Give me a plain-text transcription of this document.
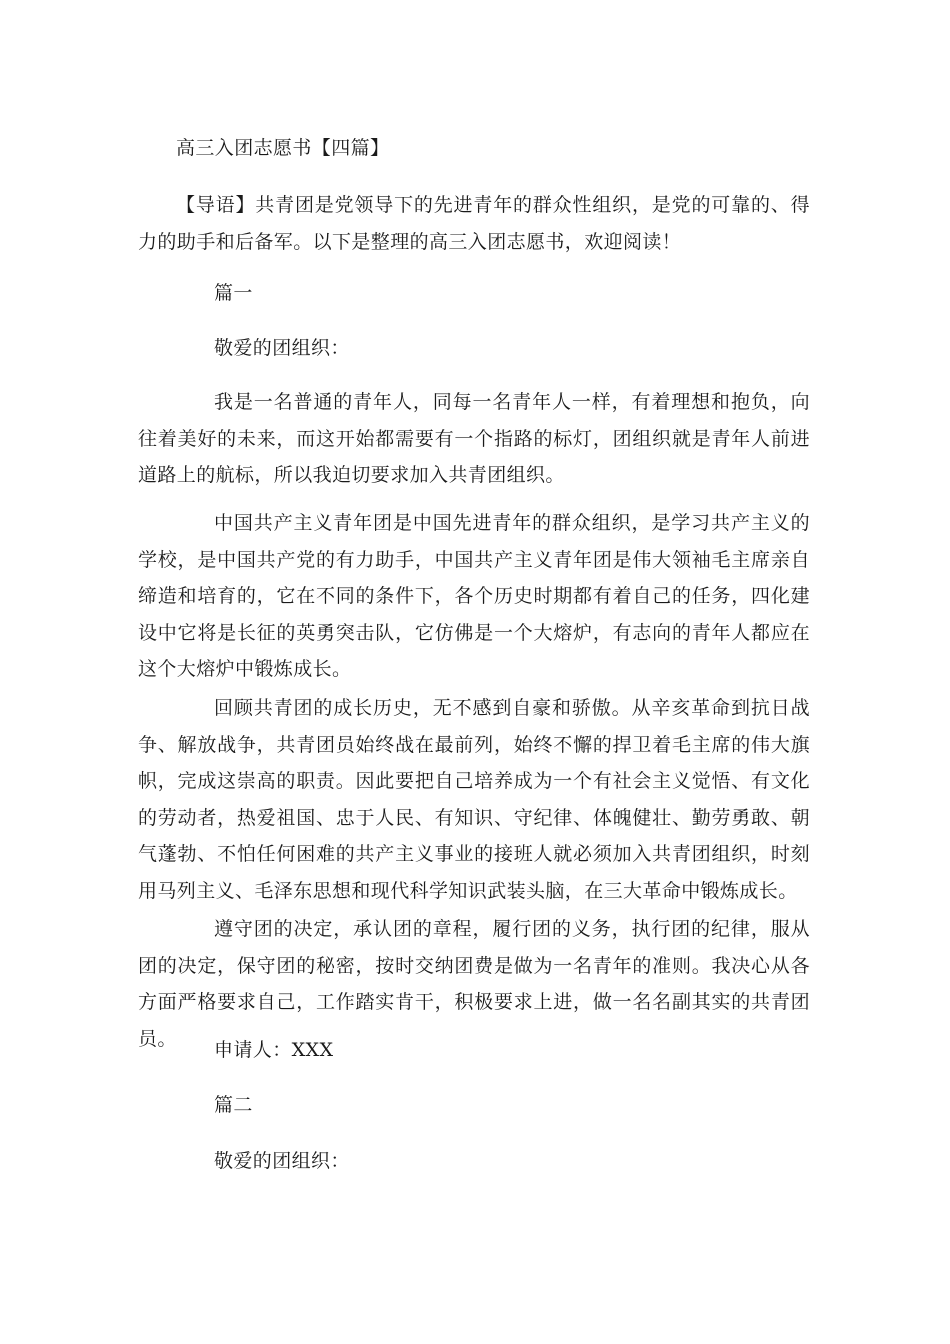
高三入团志愿书【四篇】

【导语】共青团是党领导下的先进青年的群众性组织，是党的可靠的、得力的助手和后备军。以下是整理的高三入团志愿书，欢迎阅读！

篇一

敬爱的团组织：

我是一名普通的青年人，同每一名青年人一样，有着理想和抱负，向往着美好的未来，而这开始都需要有一个指路的标灯，团组织就是青年人前进道路上的航标，所以我迫切要求加入共青团组织。

中国共产主义青年团是中国先进青年的群众组织，是学习共产主义的学校，是中国共产党的有力助手，中国共产主义青年团是伟大领袖毛主席亲自缔造和培育的，它在不同的条件下，各个历史时期都有着自己的任务，四化建设中它将是长征的英勇突击队，它仿佛是一个大熔炉，有志向的青年人都应在这个大熔炉中锻炼成长。

回顾共青团的成长历史，无不感到自豪和骄傲。从辛亥革命到抗日战争、解放战争，共青团员始终战在最前列，始终不懈的捍卫着毛主席的伟大旗帜，完成这崇高的职责。因此要把自己培养成为一个有社会主义觉悟、有文化的劳动者，热爱祖国、忠于人民、有知识、守纪律、体魄健壮、勤劳勇敢、朝气蓬勃、不怕任何困难的共产主义事业的接班人就必须加入共青团组织，时刻用马列主义、毛泽东思想和现代科学知识武装头脑，在三大革命中锻炼成长。

遵守团的决定，承认团的章程，履行团的义务，执行团的纪律，服从团的决定，保守团的秘密，按时交纳团费是做为一名青年的准则。我决心从各方面严格要求自己，工作踏实肯干，积极要求上进，做一名名副其实的共青团员。

申请人：XXX

篇二

敬爱的团组织：
